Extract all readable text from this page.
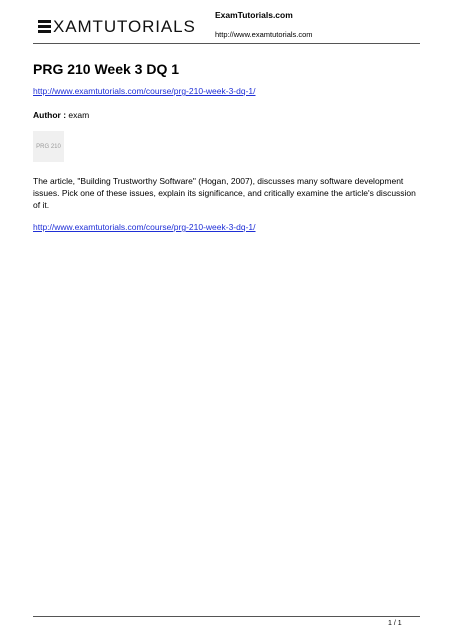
XAMTUTORIALS
ExamTutorials.com
http://www.examtutorials.com
PRG 210 Week 3 DQ 1
http://www.examtutorials.com/course/prg-210-week-3-dq-1/
Author : exam
PRG 210

The article, "Building Trustworthy Software" (Hogan, 2007), discusses many software development issues. Pick one of these issues, explain its significance, and critically examine the article's discussion of it.

http://www.examtutorials.com/course/prg-210-week-3-dq-1/
1 / 1
